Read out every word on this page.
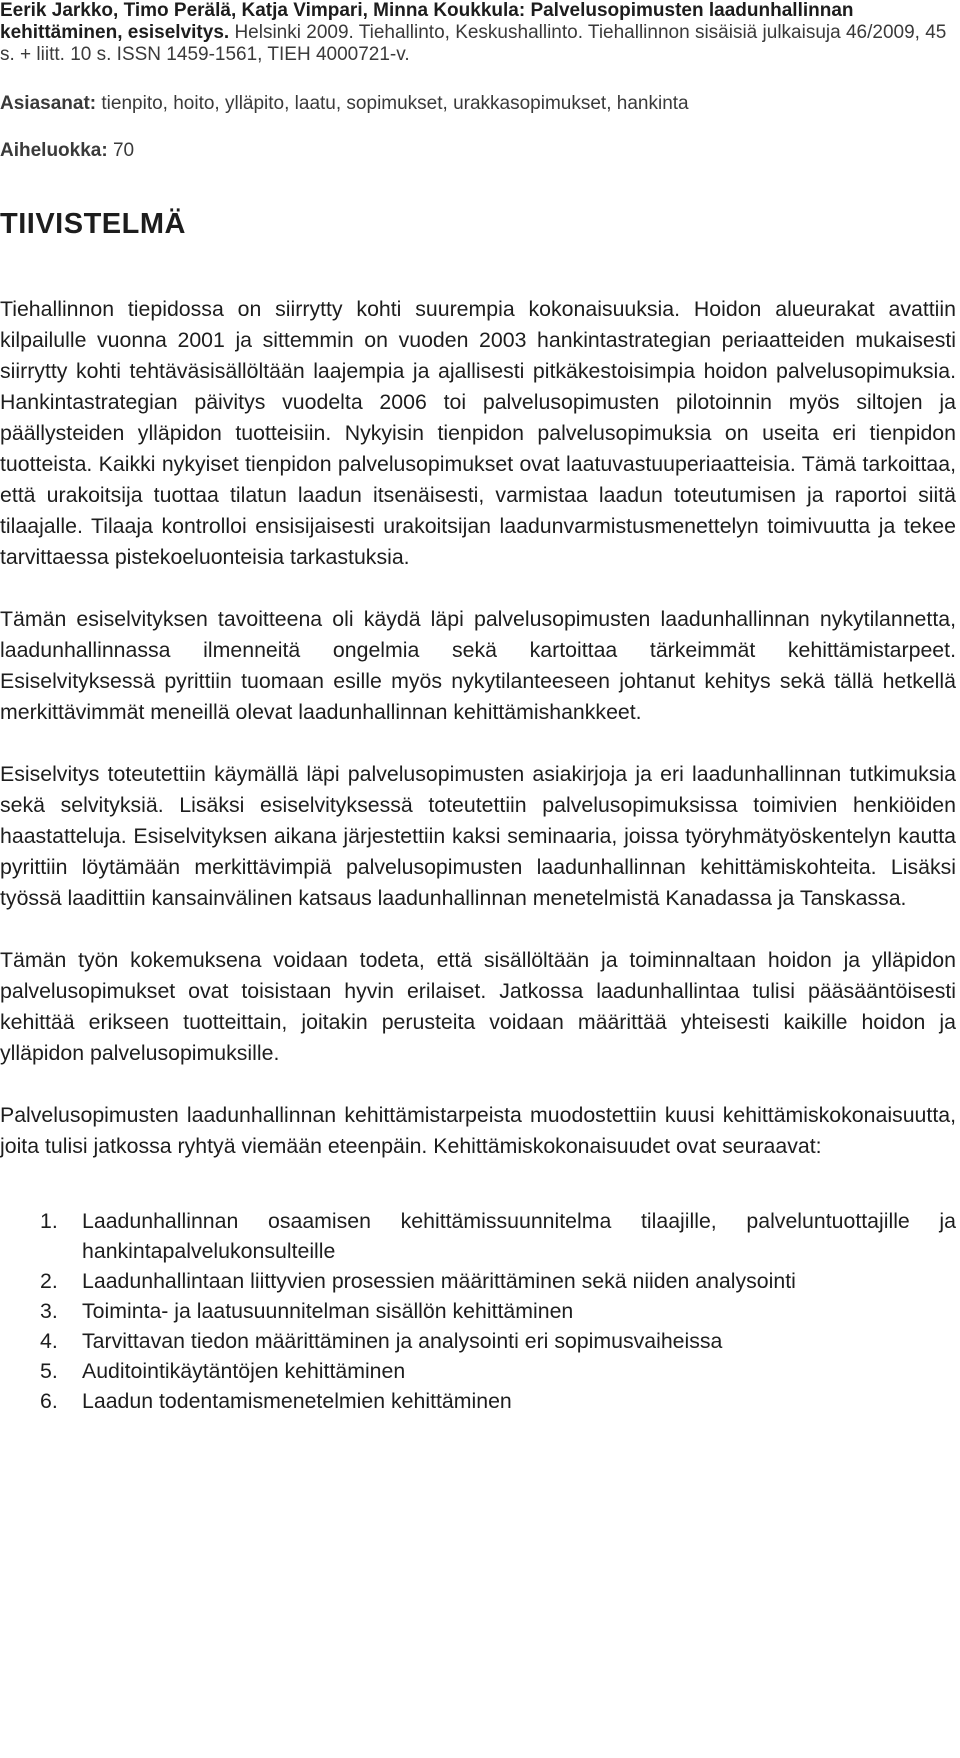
Eerik Jarkko, Timo Perälä, Katja Vimpari, Minna Koukkula: Palvelusopimusten laadunhallinnan kehittäminen, esiselvitys. Helsinki 2009. Tiehallinto, Keskushallinto. Tiehallinnon sisäisiä julkaisuja 46/2009, 45 s. + liitt. 10 s. ISSN 1459-1561, TIEH 4000721-v.
Asiasanat: tienpito, hoito, ylläpito, laatu, sopimukset, urakkasopimukset, hankinta
Aiheluokka: 70
TIIVISTELMÄ

Tiehallinnon tiepidossa on siirrytty kohti suurempia kokonaisuuksia. Hoidon alueurakat avattiin kilpailulle vuonna 2001 ja sittemmin on vuoden 2003 hankintastrategian periaatteiden mukaisesti siirrytty kohti tehtäväsisällöltään laajempia ja ajallisesti pitkäkestoisimpia hoidon palvelusopimuksia. Hankintastrategian päivitys vuodelta 2006 toi palvelusopimusten pilotoinnin myös siltojen ja päällysteiden ylläpidon tuotteisiin. Nykyisin tienpidon palvelusopimuksia on useita eri tienpidon tuotteista. Kaikki nykyiset tienpidon palvelusopimukset ovat laatuvastuuperiaatteisia. Tämä tarkoittaa, että urakoitsija tuottaa tilatun laadun itsenäisesti, varmistaa laadun toteutumisen ja raportoi siitä tilaajalle. Tilaaja kontrolloi ensisijaisesti urakoitsijan laadunvarmistusmenettelyn toimivuutta ja tekee tarvittaessa pistekoeluonteisia tarkastuksia.

Tämän esiselvityksen tavoitteena oli käydä läpi palvelusopimusten laadunhallinnan nykytilannetta, laadunhallinnassa ilmenneitä ongelmia sekä kartoittaa tärkeimmät kehittämistarpeet. Esiselvityksessä pyrittiin tuomaan esille myös nykytilanteeseen johtanut kehitys sekä tällä hetkellä merkittävimmät meneillä olevat laadunhallinnan kehittämishankkeet.

Esiselvitys toteutettiin käymällä läpi palvelusopimusten asiakirjoja ja eri laadunhallinnan tutkimuksia sekä selvityksiä. Lisäksi esiselvityksessä toteutettiin palvelusopimuksissa toimivien henkiöiden haastatteluja. Esiselvityksen aikana järjestettiin kaksi seminaaria, joissa työryhmätyöskentelyn kautta pyrittiin löytämään merkittävimpiä palvelusopimusten laadunhallinnan kehittämiskohteita. Lisäksi työssä laadittiin kansainvälinen katsaus laadunhallinnan menetelmistä Kanadassa ja Tanskassa.

Tämän työn kokemuksena voidaan todeta, että sisällöltään ja toiminnaltaan hoidon ja ylläpidon palvelusopimukset ovat toisistaan hyvin erilaiset. Jatkossa laadunhallintaa tulisi pääsääntöisesti kehittää erikseen tuotteittain, joitakin perusteita voidaan määrittää yhteisesti kaikille hoidon ja ylläpidon palvelusopimuksille.

Palvelusopimusten laadunhallinnan kehittämistarpeista muodostettiin kuusi kehittämiskokonaisuutta, joita tulisi jatkossa ryhtyä viemään eteenpäin. Kehittämiskokonaisuudet ovat seuraavat:

1. Laadunhallinnan osaamisen kehittämissuunnitelma tilaajille, palveluntuottajille ja hankintapalvelukonsulteille
2. Laadunhallintaan liittyvien prosessien määrittäminen sekä niiden analysointi
3. Toiminta- ja laatusuunnitelman sisällön kehittäminen
4. Tarvittavan tiedon määrittäminen ja analysointi eri sopimusvaiheissa
5. Auditointikäytäntöjen kehittäminen
6. Laadun todentamismenetelmien kehittäminen
